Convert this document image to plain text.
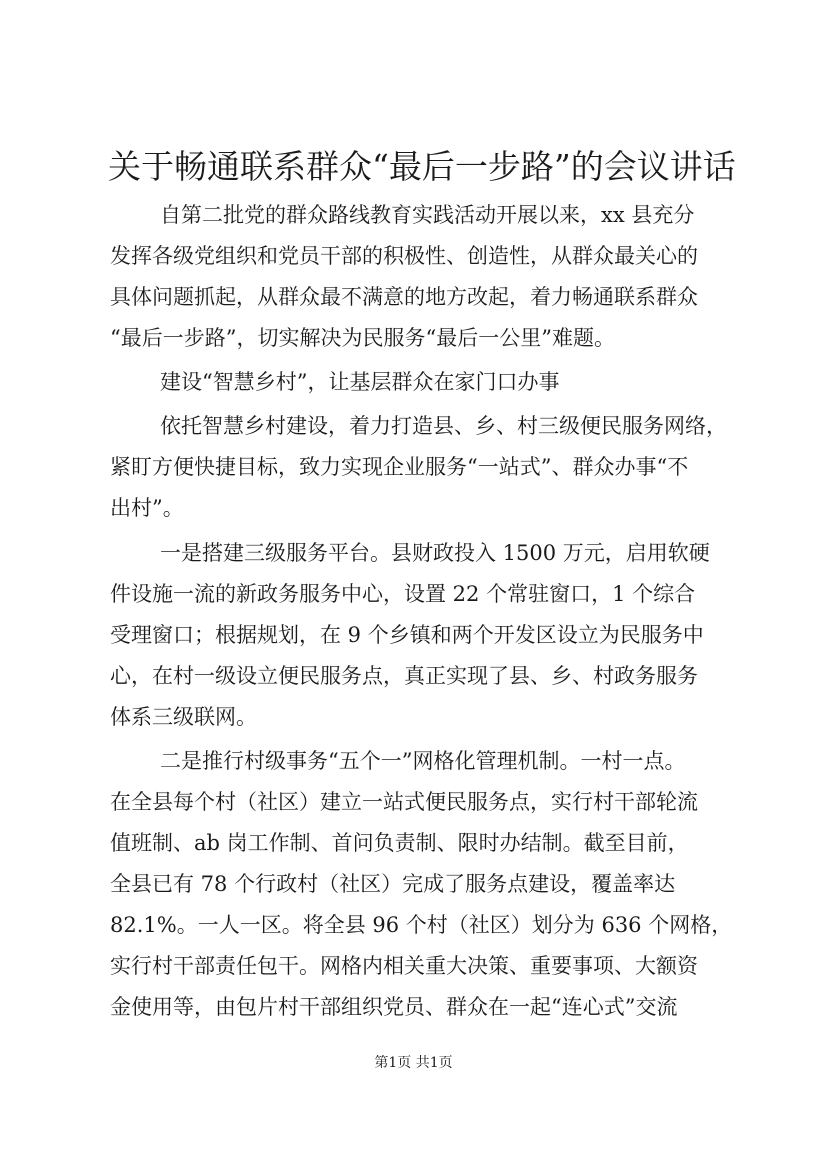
关于畅通联系群众“最后一步路”的会议讲话

自第二批党的群众路线教育实践活动开展以来，xx 县充分

发挥各级党组织和党员干部的积极性、创造性，从群众最关心的

具体问题抓起，从群众最不满意的地方改起，着力畅通联系群众

“最后一步路”，切实解决为民服务“最后一公里”难题。

建设“智慧乡村”，让基层群众在家门口办事

依托智慧乡村建设，着力打造县、乡、村三级便民服务网络，

紧盯方便快捷目标，致力实现企业服务“一站式”、群众办事“不

出村”。

一是搭建三级服务平台。县财政投入 1500 万元，启用软硬

件设施一流的新政务服务中心，设置 22 个常驻窗口，1 个综合

受理窗口；根据规划，在 9 个乡镇和两个开发区设立为民服务中

心，在村一级设立便民服务点，真正实现了县、乡、村政务服务

体系三级联网。

二是推行村级事务“五个一”网格化管理机制。一村一点。

在全县每个村（社区）建立一站式便民服务点，实行村干部轮流

值班制、ab 岗工作制、首问负责制、限时办结制。截至目前，

全县已有 78 个行政村（社区）完成了服务点建设，覆盖率达

82.1%。一人一区。将全县 96 个村（社区）划分为 636 个网格，

实行村干部责任包干。网格内相关重大决策、重要事项、大额资

金使用等，由包片村干部组织党员、群众在一起“连心式”交流

第1页 共1页
